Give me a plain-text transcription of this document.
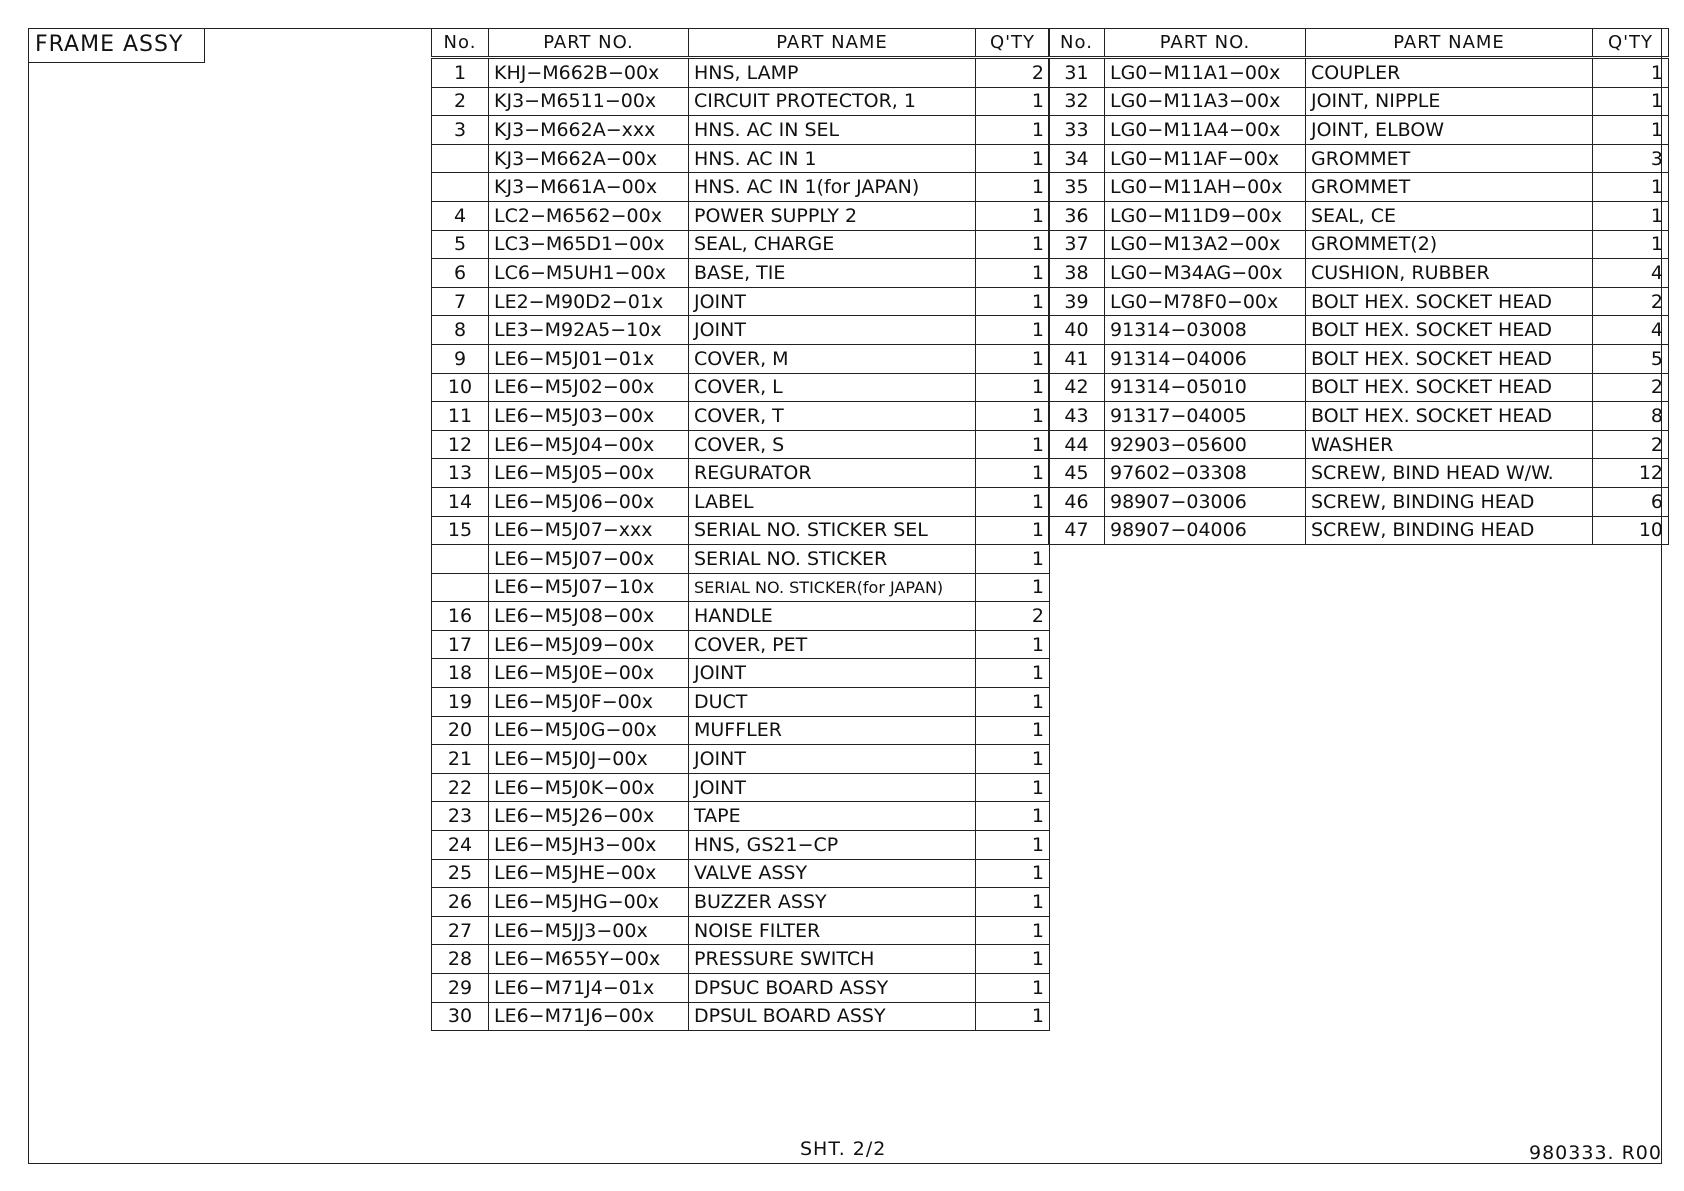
FRAME ASSY	No.	PART NO.	PART NAME	Q'TY
1	KHJ−M662B−00x	HNS, LAMP	2
2	KJ3−M6511−00x	CIRCUIT PROTECTOR, 1	1
3	KJ3−M662A−xxx	HNS. AC IN SEL	1
	KJ3−M662A−00x	HNS. AC IN 1	1
	KJ3−M661A−00x	HNS. AC IN 1(for JAPAN)	1
4	LC2−M6562−00x	POWER SUPPLY 2	1
5	LC3−M65D1−00x	SEAL, CHARGE	1
6	LC6−M5UH1−00x	BASE, TIE	1
7	LE2−M90D2−01x	JOINT	1
8	LE3−M92A5−10x	JOINT	1
9	LE6−M5J01−01x	COVER, M	1
10	LE6−M5J02−00x	COVER, L	1
11	LE6−M5J03−00x	COVER, T	1
12	LE6−M5J04−00x	COVER, S	1
13	LE6−M5J05−00x	REGURATOR	1
14	LE6−M5J06−00x	LABEL	1
15	LE6−M5J07−xxx	SERIAL NO. STICKER SEL	1
	LE6−M5J07−00x	SERIAL NO. STICKER	1
	LE6−M5J07−10x	SERIAL NO. STICKER(for JAPAN)	1
16	LE6−M5J08−00x	HANDLE	2
17	LE6−M5J09−00x	COVER, PET	1
18	LE6−M5J0E−00x	JOINT	1
19	LE6−M5J0F−00x	DUCT	1
20	LE6−M5J0G−00x	MUFFLER	1
21	LE6−M5J0J−00x	JOINT	1
22	LE6−M5J0K−00x	JOINT	1
23	LE6−M5J26−00x	TAPE	1
24	LE6−M5JH3−00x	HNS, GS21−CP	1
25	LE6−M5JHE−00x	VALVE ASSY	1
26	LE6−M5JHG−00x	BUZZER ASSY	1
27	LE6−M5JJ3−00x	NOISE FILTER	1
28	LE6−M655Y−00x	PRESSURE SWITCH	1
29	LE6−M71J4−01x	DPSUC BOARD ASSY	1
30	LE6−M71J6−00x	DPSUL BOARD ASSY	1
No.	PART NO.	PART NAME	Q'TY
31	LG0−M11A1−00x	COUPLER	1
32	LG0−M11A3−00x	JOINT, NIPPLE	1
33	LG0−M11A4−00x	JOINT, ELBOW	1
34	LG0−M11AF−00x	GROMMET	3
35	LG0−M11AH−00x	GROMMET	1
36	LG0−M11D9−00x	SEAL, CE	1
37	LG0−M13A2−00x	GROMMET(2)	1
38	LG0−M34AG−00x	CUSHION, RUBBER	4
39	LG0−M78F0−00x	BOLT HEX. SOCKET HEAD	2
40	91314−03008	BOLT HEX. SOCKET HEAD	4
41	91314−04006	BOLT HEX. SOCKET HEAD	5
42	91314−05010	BOLT HEX. SOCKET HEAD	2
43	91317−04005	BOLT HEX. SOCKET HEAD	8
44	92903−05600	WASHER	2
45	97602−03308	SCREW, BIND HEAD W/W.	12
46	98907−03006	SCREW, BINDING HEAD	6
47	98907−04006	SCREW, BINDING HEAD	10
SHT. 2/2	980333. R00
